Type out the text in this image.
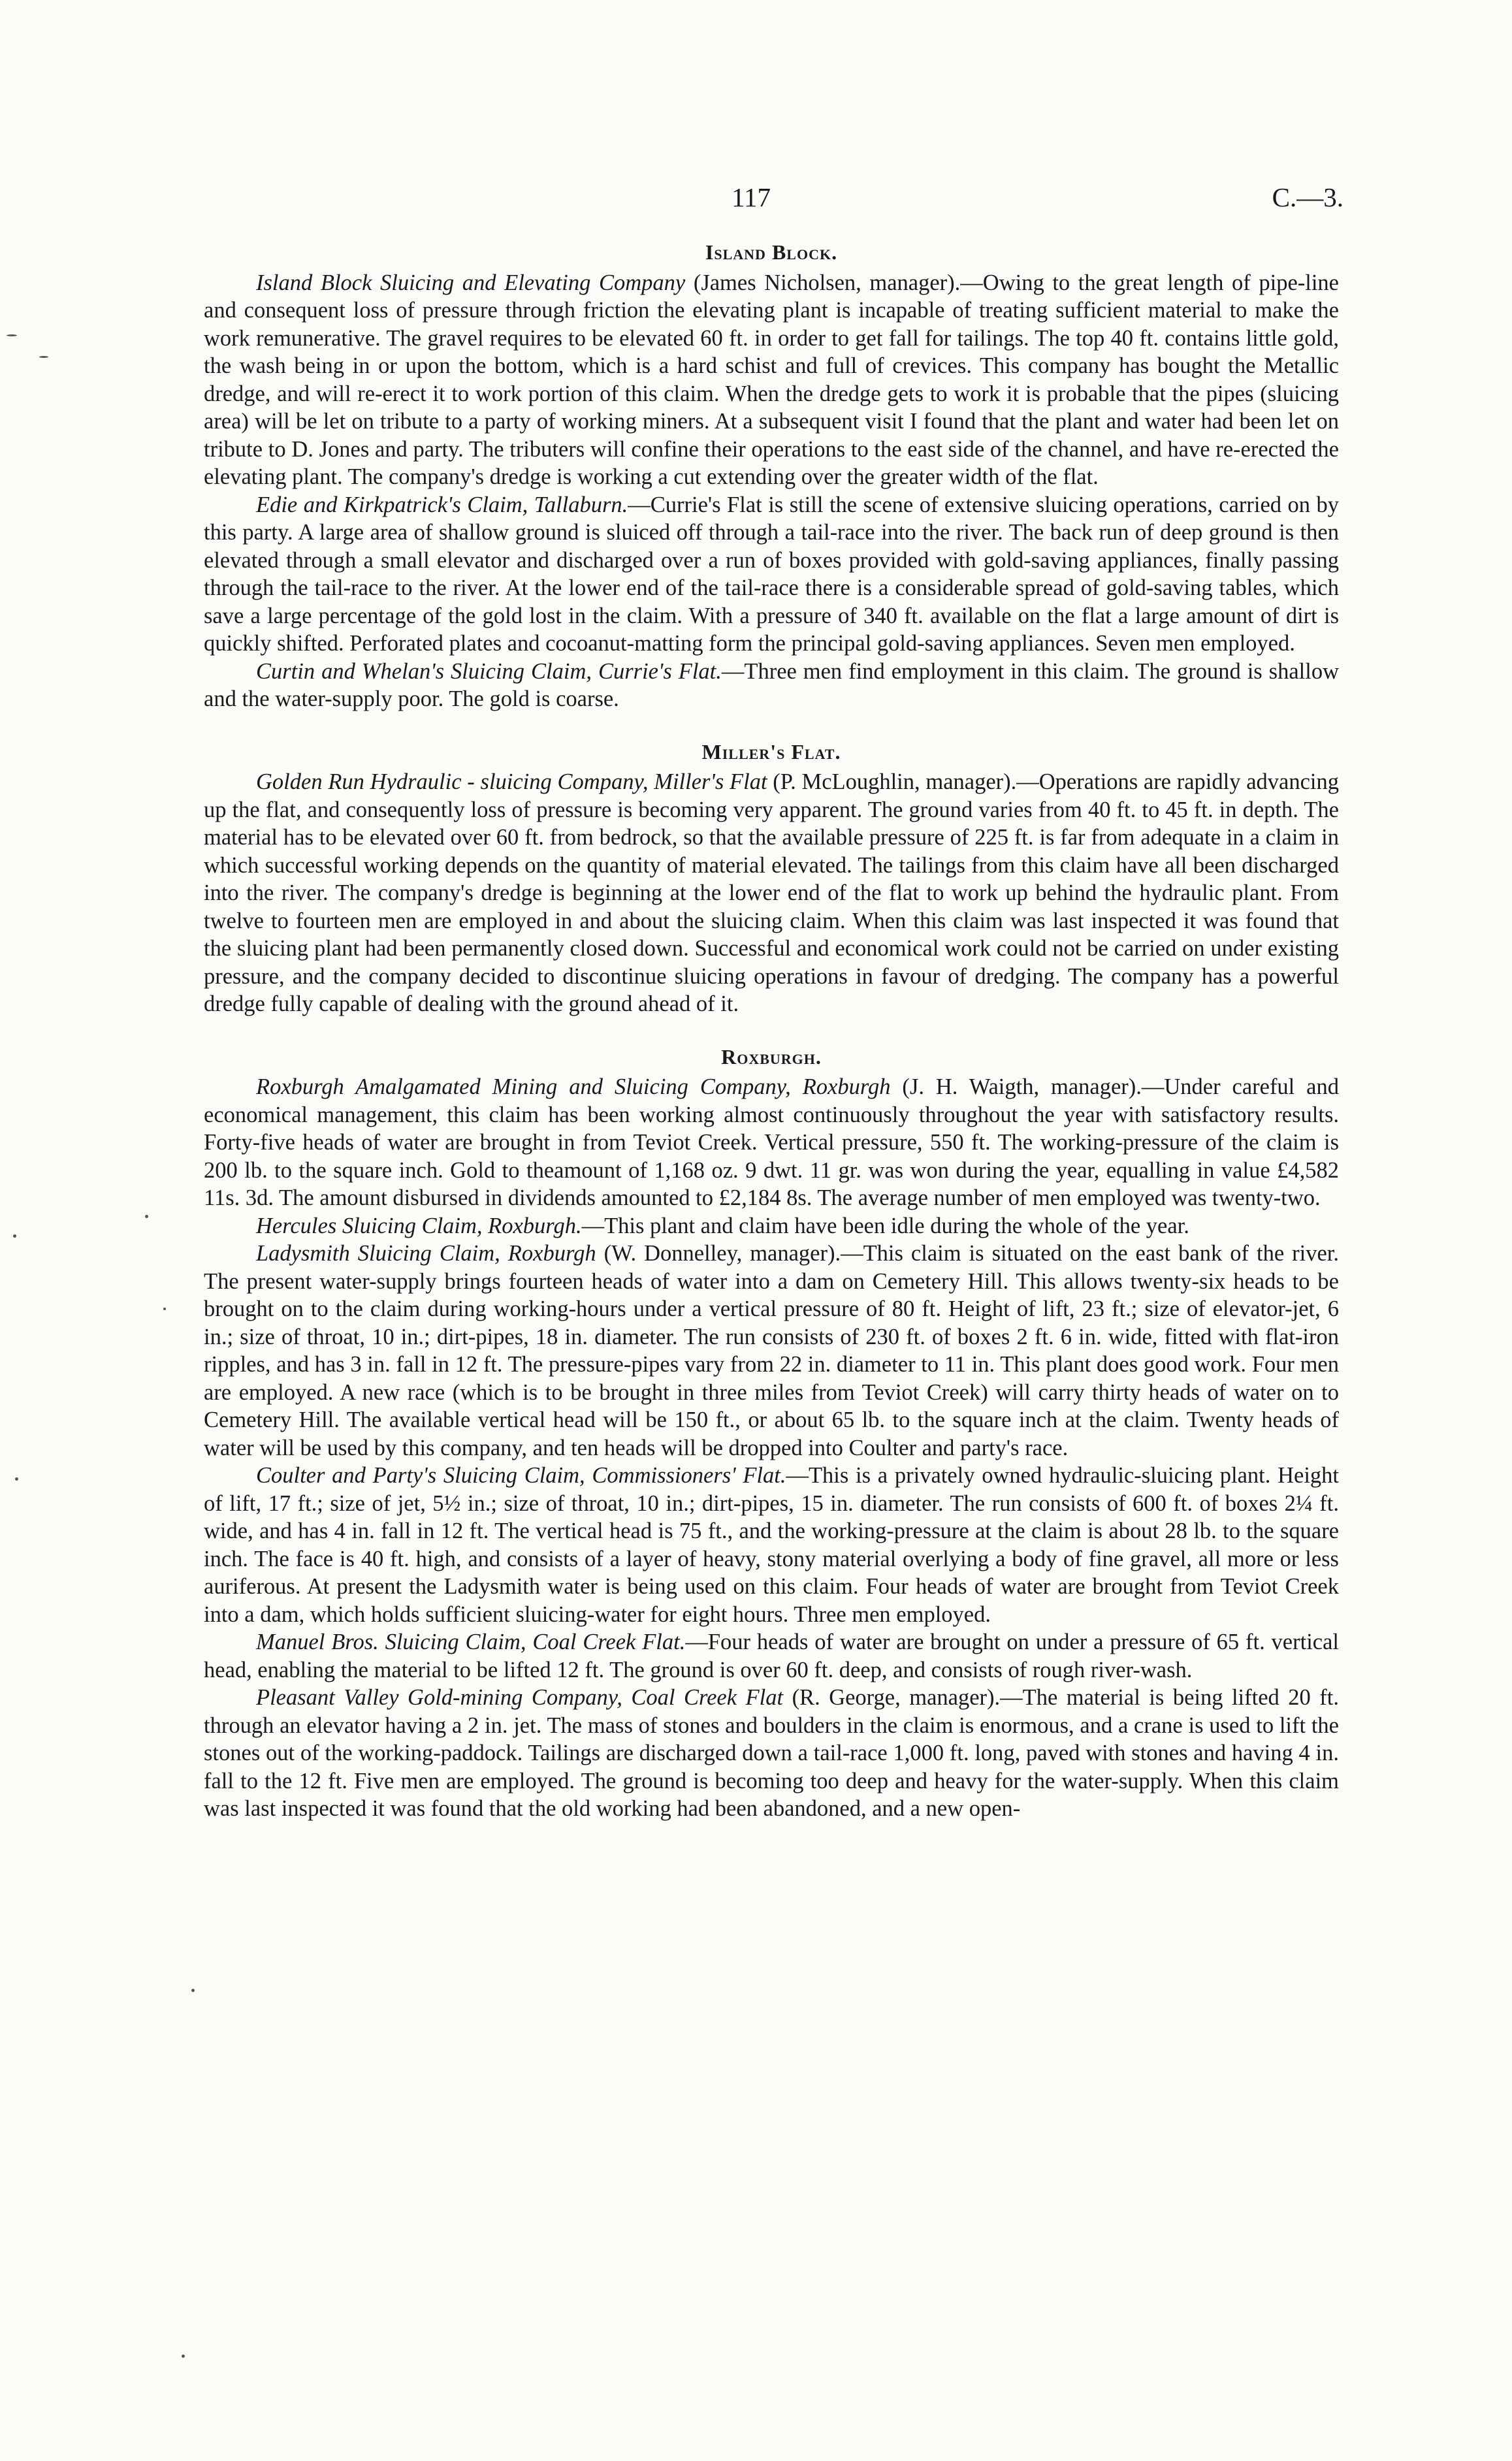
117	C.—3.
Island Block.

Island Block Sluicing and Elevating Company (James Nicholsen, manager).—Owing to the great length of pipe-line and consequent loss of pressure through friction the elevating plant is incapable of treating sufficient material to make the work remunerative. The gravel requires to be elevated 60 ft. in order to get fall for tailings. The top 40 ft. contains little gold, the wash being in or upon the bottom, which is a hard schist and full of crevices. This company has bought the Metallic dredge, and will re-erect it to work portion of this claim. When the dredge gets to work it is probable that the pipes (sluicing area) will be let on tribute to a party of working miners. At a subsequent visit I found that the plant and water had been let on tribute to D. Jones and party. The tributers will confine their operations to the east side of the channel, and have re-erected the elevating plant. The company's dredge is working a cut extending over the greater width of the flat.

Edie and Kirkpatrick's Claim, Tallaburn.—Currie's Flat is still the scene of extensive sluicing operations, carried on by this party. A large area of shallow ground is sluiced off through a tail-race into the river. The back run of deep ground is then elevated through a small elevator and discharged over a run of boxes provided with gold-saving appliances, finally passing through the tail-race to the river. At the lower end of the tail-race there is a considerable spread of gold-saving tables, which save a large percentage of the gold lost in the claim. With a pressure of 340 ft. available on the flat a large amount of dirt is quickly shifted. Perforated plates and cocoanut-matting form the principal gold-saving appliances. Seven men employed.

Curtin and Whelan's Sluicing Claim, Currie's Flat.—Three men find employment in this claim. The ground is shallow and the water-supply poor. The gold is coarse.

Miller's Flat.

Golden Run Hydraulic - sluicing Company, Miller's Flat (P. McLoughlin, manager).—Operations are rapidly advancing up the flat, and consequently loss of pressure is becoming very apparent. The ground varies from 40 ft. to 45 ft. in depth. The material has to be elevated over 60 ft. from bedrock, so that the available pressure of 225 ft. is far from adequate in a claim in which successful working depends on the quantity of material elevated. The tailings from this claim have all been discharged into the river. The company's dredge is beginning at the lower end of the flat to work up behind the hydraulic plant. From twelve to fourteen men are employed in and about the sluicing claim. When this claim was last inspected it was found that the sluicing plant had been permanently closed down. Successful and economical work could not be carried on under existing pressure, and the company decided to discontinue sluicing operations in favour of dredging. The company has a powerful dredge fully capable of dealing with the ground ahead of it.

Roxburgh.

Roxburgh Amalgamated Mining and Sluicing Company, Roxburgh (J. H. Waigth, manager).—Under careful and economical management, this claim has been working almost continuously throughout the year with satisfactory results. Forty-five heads of water are brought in from Teviot Creek. Vertical pressure, 550 ft. The working-pressure of the claim is 200 lb. to the square inch. Gold to theamount of 1,168 oz. 9 dwt. 11 gr. was won during the year, equalling in value £4,582 11s. 3d. The amount disbursed in dividends amounted to £2,184 8s. The average number of men employed was twenty-two.

Hercules Sluicing Claim, Roxburgh.—This plant and claim have been idle during the whole of the year.

Ladysmith Sluicing Claim, Roxburgh (W. Donnelley, manager).—This claim is situated on the east bank of the river. The present water-supply brings fourteen heads of water into a dam on Cemetery Hill. This allows twenty-six heads to be brought on to the claim during working-hours under a vertical pressure of 80 ft. Height of lift, 23 ft.; size of elevator-jet, 6 in.; size of throat, 10 in.; dirt-pipes, 18 in. diameter. The run consists of 230 ft. of boxes 2 ft. 6 in. wide, fitted with flat-iron ripples, and has 3 in. fall in 12 ft. The pressure-pipes vary from 22 in. diameter to 11 in. This plant does good work. Four men are employed. A new race (which is to be brought in three miles from Teviot Creek) will carry thirty heads of water on to Cemetery Hill. The available vertical head will be 150 ft., or about 65 lb. to the square inch at the claim. Twenty heads of water will be used by this company, and ten heads will be dropped into Coulter and party's race.

Coulter and Party's Sluicing Claim, Commissioners' Flat.—This is a privately owned hydraulic-sluicing plant. Height of lift, 17 ft.; size of jet, 5½ in.; size of throat, 10 in.; dirt-pipes, 15 in. diameter. The run consists of 600 ft. of boxes 2¼ ft. wide, and has 4 in. fall in 12 ft. The vertical head is 75 ft., and the working-pressure at the claim is about 28 lb. to the square inch. The face is 40 ft. high, and consists of a layer of heavy, stony material overlying a body of fine gravel, all more or less auriferous. At present the Ladysmith water is being used on this claim. Four heads of water are brought from Teviot Creek into a dam, which holds sufficient sluicing-water for eight hours. Three men employed.

Manuel Bros. Sluicing Claim, Coal Creek Flat.—Four heads of water are brought on under a pressure of 65 ft. vertical head, enabling the material to be lifted 12 ft. The ground is over 60 ft. deep, and consists of rough river-wash.

Pleasant Valley Gold-mining Company, Coal Creek Flat (R. George, manager).—The material is being lifted 20 ft. through an elevator having a 2 in. jet. The mass of stones and boulders in the claim is enormous, and a crane is used to lift the stones out of the working-paddock. Tailings are discharged down a tail-race 1,000 ft. long, paved with stones and having 4 in. fall to the 12 ft. Five men are employed. The ground is becoming too deep and heavy for the water-supply. When this claim was last inspected it was found that the old working had been abandoned, and a new open-
